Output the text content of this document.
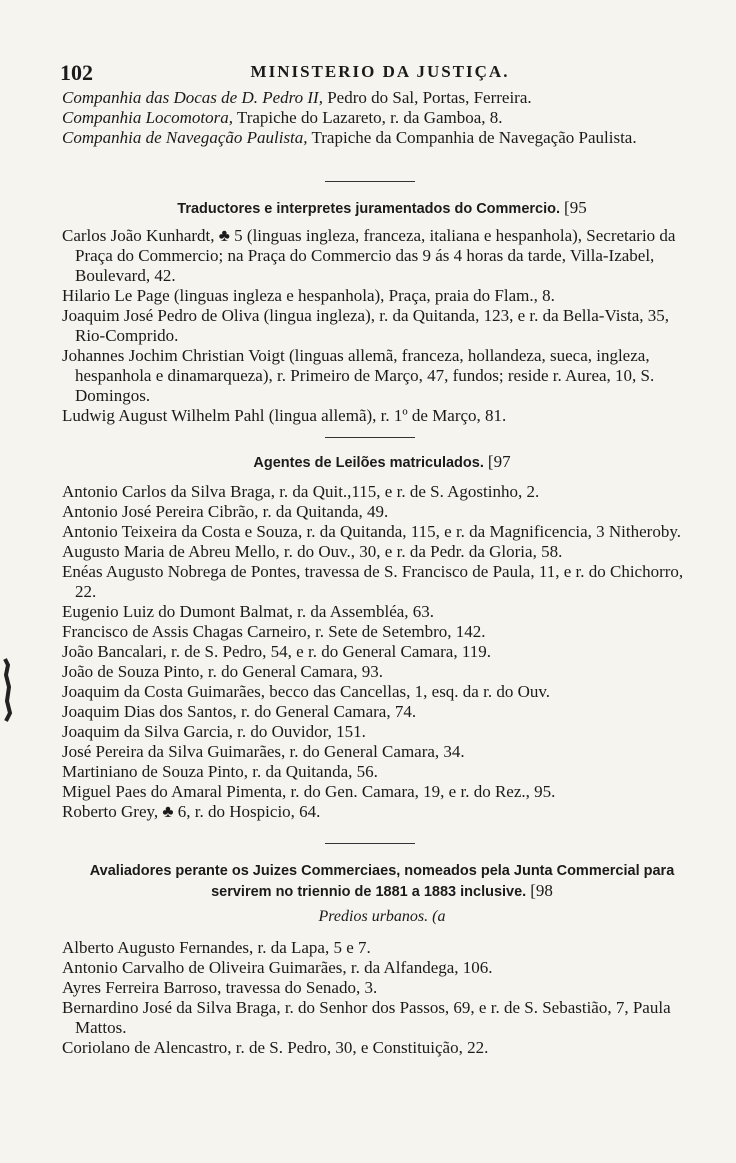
102	MINISTERIO DA JUSTIÇA.

Companhia das Docas de D. Pedro II, Pedro do Sal, Portas, Ferreira.

Companhia Locomotora, Trapiche do Lazareto, r. da Gamboa, 8.

Companhia de Navegação Paulista, Trapiche da Companhia de Navegação Paulista.

Traductores e interpretes juramentados do Commercio. [95

Carlos João Kunhardt, ♣ 5 (linguas ingleza, franceza, italiana e hespanhola), Secretario da Praça do Commercio; na Praça do Commercio das 9 ás 4 horas da tarde, Villa-Izabel, Boulevard, 42.

Hilario Le Page (linguas ingleza e hespanhola), Praça, praia do Flam., 8.

Joaquim José Pedro de Oliva (lingua ingleza), r. da Quitanda, 123, e r. da Bella-Vista, 35, Rio-Comprido.

Johannes Jochim Christian Voigt (linguas allemã, franceza, hollandeza, sueca, ingleza, hespanhola e dinamarqueza), r. Primeiro de Março, 47, fundos; reside r. Aurea, 10, S. Domingos.

Ludwig August Wilhelm Pahl (lingua allemã), r. 1º de Março, 81.

Agentes de Leilões matriculados. [97

Antonio Carlos da Silva Braga, r. da Quit.,115, e r. de S. Agostinho, 2.

Antonio José Pereira Cibrão, r. da Quitanda, 49.

Antonio Teixeira da Costa e Souza, r. da Quitanda, 115, e r. da Magnificencia, 3 Nitheroby.

Augusto Maria de Abreu Mello, r. do Ouv., 30, e r. da Pedr. da Gloria, 58.

Enéas Augusto Nobrega de Pontes, travessa de S. Francisco de Paula, 11, e r. do Chichorro, 22.

Eugenio Luiz do Dumont Balmat, r. da Assembléa, 63.

Francisco de Assis Chagas Carneiro, r. Sete de Setembro, 142.

João Bancalari, r. de S. Pedro, 54, e r. do General Camara, 119.

João de Souza Pinto, r. do General Camara, 93.

Joaquim da Costa Guimarães, becco das Cancellas, 1, esq. da r. do Ouv.

Joaquim Dias dos Santos, r. do General Camara, 74.

Joaquim da Silva Garcia, r. do Ouvidor, 151.

José Pereira da Silva Guimarães, r. do General Camara, 34.

Martiniano de Souza Pinto, r. da Quitanda, 56.

Miguel Paes do Amaral Pimenta, r. do Gen. Camara, 19, e r. do Rez., 95.

Roberto Grey, ♣ 6, r. do Hospicio, 64.

Avaliadores perante os Juizes Commerciaes, nomeados pela Junta Commercial para
servirem no triennio de 1881 a 1883 inclusive. [98
Predios urbanos. (a

Alberto Augusto Fernandes, r. da Lapa, 5 e 7.

Antonio Carvalho de Oliveira Guimarães, r. da Alfandega, 106.

Ayres Ferreira Barroso, travessa do Senado, 3.

Bernardino José da Silva Braga, r. do Senhor dos Passos, 69, e r. de S. Sebastião, 7, Paula Mattos.

Coriolano de Alencastro, r. de S. Pedro, 30, e Constituição, 22.
